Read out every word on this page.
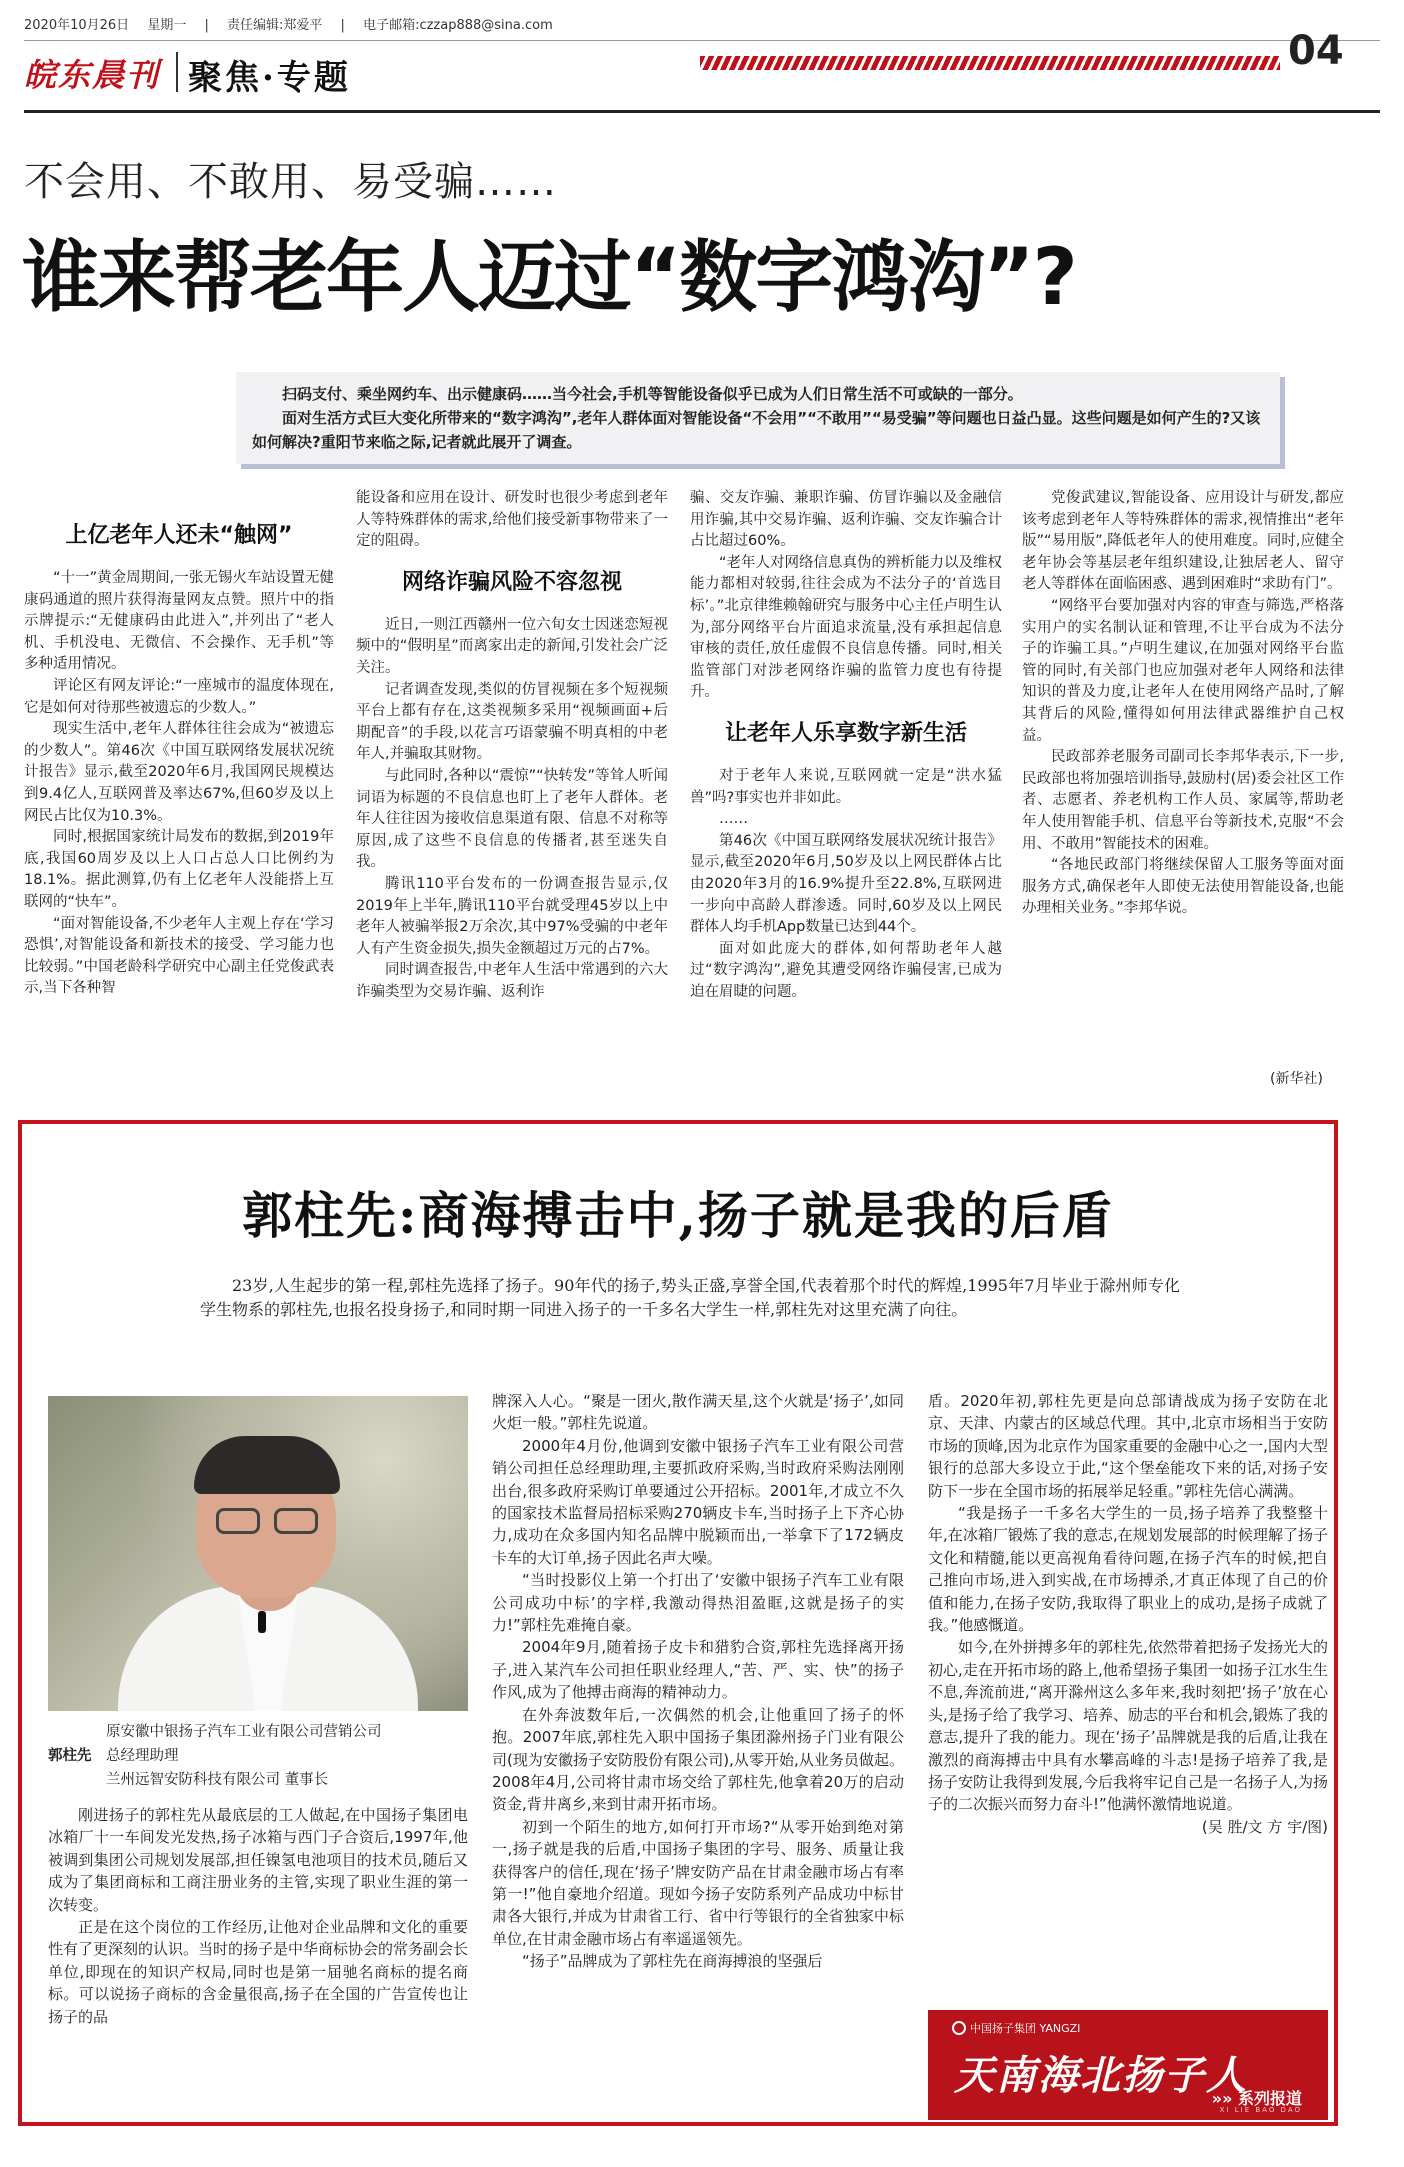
2020年10月26日 星期一 | 责任编辑:郑爱平 | 电子邮箱:czzap888@sina.com
皖东晨刊 聚焦·专题
04
不会用、不敢用、易受骗……
谁来帮老年人迈过“数字鸿沟”?

扫码支付、乘坐网约车、出示健康码……当今社会,手机等智能设备似乎已成为人们日常生活不可或缺的一部分。

面对生活方式巨大变化所带来的“数字鸿沟”,老年人群体面对智能设备“不会用”“不敢用”“易受骗”等问题也日益凸显。这些问题是如何产生的?又该如何解决?重阳节来临之际,记者就此展开了调查。

上亿老年人还未“触网”

“十一”黄金周期间,一张无锡火车站设置无健康码通道的照片获得海量网友点赞。照片中的指示牌提示:“无健康码由此进入”,并列出了“老人机、手机没电、无微信、不会操作、无手机”等多种适用情况。

评论区有网友评论:“一座城市的温度体现在,它是如何对待那些被遗忘的少数人。”

现实生活中,老年人群体往往会成为“被遗忘的少数人”。第46次《中国互联网络发展状况统计报告》显示,截至2020年6月,我国网民规模达到9.4亿人,互联网普及率达67%,但60岁及以上网民占比仅为10.3%。

同时,根据国家统计局发布的数据,到2019年底,我国60周岁及以上人口占总人口比例约为18.1%。据此测算,仍有上亿老年人没能搭上互联网的“快车”。

“面对智能设备,不少老年人主观上存在‘学习恐惧’,对智能设备和新技术的接受、学习能力也比较弱。”中国老龄科学研究中心副主任党俊武表示,当下各种智

能设备和应用在设计、研发时也很少考虑到老年人等特殊群体的需求,给他们接受新事物带来了一定的阻碍。

网络诈骗风险不容忽视

近日,一则江西赣州一位六旬女士因迷恋短视频中的“假明星”而离家出走的新闻,引发社会广泛关注。

记者调查发现,类似的仿冒视频在多个短视频平台上都有存在,这类视频多采用“视频画面+后期配音”的手段,以花言巧语蒙骗不明真相的中老年人,并骗取其财物。

与此同时,各种以“震惊”“快转发”等耸人听闻词语为标题的不良信息也盯上了老年人群体。老年人往往因为接收信息渠道有限、信息不对称等原因,成了这些不良信息的传播者,甚至迷失自我。

腾讯110平台发布的一份调查报告显示,仅2019年上半年,腾讯110平台就受理45岁以上中老年人被骗举报2万余次,其中97%受骗的中老年人有产生资金损失,损失金额超过万元的占7%。

同时调查报告,中老年人生活中常遇到的六大诈骗类型为交易诈骗、返利诈

骗、交友诈骗、兼职诈骗、仿冒诈骗以及金融信用诈骗,其中交易诈骗、返利诈骗、交友诈骗合计占比超过60%。

“老年人对网络信息真伪的辨析能力以及维权能力都相对较弱,往往会成为不法分子的‘首选目标’。”北京律维赖翰研究与服务中心主任卢明生认为,部分网络平台片面追求流量,没有承担起信息审核的责任,放任虚假不良信息传播。同时,相关监管部门对涉老网络诈骗的监管力度也有待提升。

让老年人乐享数字新生活

对于老年人来说,互联网就一定是“洪水猛兽”吗?事实也并非如此。

……

第46次《中国互联网络发展状况统计报告》显示,截至2020年6月,50岁及以上网民群体占比由2020年3月的16.9%提升至22.8%,互联网进一步向中高龄人群渗透。同时,60岁及以上网民群体人均手机App数量已达到44个。

面对如此庞大的群体,如何帮助老年人越过“数字鸿沟”,避免其遭受网络诈骗侵害,已成为迫在眉睫的问题。

党俊武建议,智能设备、应用设计与研发,都应该考虑到老年人等特殊群体的需求,视情推出“老年版”“易用版”,降低老年人的使用难度。同时,应健全老年协会等基层老年组织建设,让独居老人、留守老人等群体在面临困惑、遇到困难时“求助有门”。

“网络平台要加强对内容的审查与筛选,严格落实用户的实名制认证和管理,不让平台成为不法分子的诈骗工具。”卢明生建议,在加强对网络平台监管的同时,有关部门也应加强对老年人网络和法律知识的普及力度,让老年人在使用网络产品时,了解其背后的风险,懂得如何用法律武器维护自己权益。

民政部养老服务司副司长李邦华表示,下一步,民政部也将加强培训指导,鼓励村(居)委会社区工作者、志愿者、养老机构工作人员、家属等,帮助老年人使用智能手机、信息平台等新技术,克服“不会用、不敢用”智能技术的困难。

“各地民政部门将继续保留人工服务等面对面服务方式,确保老年人即使无法使用智能设备,也能办理相关业务。”李邦华说。

(新华社)
郭柱先:商海搏击中,扬子就是我的后盾
23岁,人生起步的第一程,郭柱先选择了扬子。90年代的扬子,势头正盛,享誉全国,代表着那个时代的辉煌,1995年7月毕业于滁州师专化学生物系的郭柱先,也报名投身扬子,和同时期一同进入扬子的一千多名大学生一样,郭柱先对这里充满了向往。
郭柱先
原安徽中银扬子汽车工业有限公司营销公司
总经理助理
兰州远智安防科技有限公司 董事长

刚进扬子的郭柱先从最底层的工人做起,在中国扬子集团电冰箱厂十一车间发光发热,扬子冰箱与西门子合资后,1997年,他被调到集团公司规划发展部,担任镍氢电池项目的技术员,随后又成为了集团商标和工商注册业务的主管,实现了职业生涯的第一次转变。

正是在这个岗位的工作经历,让他对企业品牌和文化的重要性有了更深刻的认识。当时的扬子是中华商标协会的常务副会长单位,即现在的知识产权局,同时也是第一届驰名商标的提名商标。可以说扬子商标的含金量很高,扬子在全国的广告宣传也让扬子的品

牌深入人心。“聚是一团火,散作满天星,这个火就是‘扬子’,如同火炬一般。”郭柱先说道。

2000年4月份,他调到安徽中银扬子汽车工业有限公司营销公司担任总经理助理,主要抓政府采购,当时政府采购法刚刚出台,很多政府采购订单要通过公开招标。2001年,才成立不久的国家技术监督局招标采购270辆皮卡车,当时扬子上下齐心协力,成功在众多国内知名品牌中脱颖而出,一举拿下了172辆皮卡车的大订单,扬子因此名声大噪。

“当时投影仪上第一个打出了‘安徽中银扬子汽车工业有限公司成功中标’的字样,我激动得热泪盈眶,这就是扬子的实力!”郭柱先难掩自豪。

2004年9月,随着扬子皮卡和猎豹合资,郭柱先选择离开扬子,进入某汽车公司担任职业经理人,“苦、严、实、快”的扬子作风,成为了他搏击商海的精神动力。

在外奔波数年后,一次偶然的机会,让他重回了扬子的怀抱。2007年底,郭柱先入职中国扬子集团滁州扬子门业有限公司(现为安徽扬子安防股份有限公司),从零开始,从业务员做起。2008年4月,公司将甘肃市场交给了郭柱先,他拿着20万的启动资金,背井离乡,来到甘肃开拓市场。

初到一个陌生的地方,如何打开市场?“从零开始到绝对第一,扬子就是我的后盾,中国扬子集团的字号、服务、质量让我获得客户的信任,现在‘扬子’牌安防产品在甘肃金融市场占有率第一!”他自豪地介绍道。现如今扬子安防系列产品成功中标甘肃各大银行,并成为甘肃省工行、省中行等银行的全省独家中标单位,在甘肃金融市场占有率遥遥领先。

“扬子”品牌成为了郭柱先在商海搏浪的坚强后

盾。2020年初,郭柱先更是向总部请战成为扬子安防在北京、天津、内蒙古的区域总代理。其中,北京市场相当于安防市场的顶峰,因为北京作为国家重要的金融中心之一,国内大型银行的总部大多设立于此,“这个堡垒能攻下来的话,对扬子安防下一步在全国市场的拓展举足轻重。”郭柱先信心满满。

“我是扬子一千多名大学生的一员,扬子培养了我整整十年,在冰箱厂锻炼了我的意志,在规划发展部的时候理解了扬子文化和精髓,能以更高视角看待问题,在扬子汽车的时候,把自己推向市场,进入到实战,在市场搏杀,才真正体现了自己的价值和能力,在扬子安防,我取得了职业上的成功,是扬子成就了我。”他感慨道。

如今,在外拼搏多年的郭柱先,依然带着把扬子发扬光大的初心,走在开拓市场的路上,他希望扬子集团一如扬子江水生生不息,奔流前进,“离开滁州这么多年来,我时刻把‘扬子’放在心头,是扬子给了我学习、培养、励志的平台和机会,锻炼了我的意志,提升了我的能力。现在‘扬子’品牌就是我的后盾,让我在激烈的商海搏击中具有水攀高峰的斗志!是扬子培养了我,是扬子安防让我得到发展,今后我将牢记自己是一名扬子人,为扬子的二次振兴而努力奋斗!”他满怀激情地说道。

(吴 胜/文 方 宇/图)

中国扬子集团 YANGZI
天南海北扬子人
»» 系列报道
XI LIE BAO DAO
